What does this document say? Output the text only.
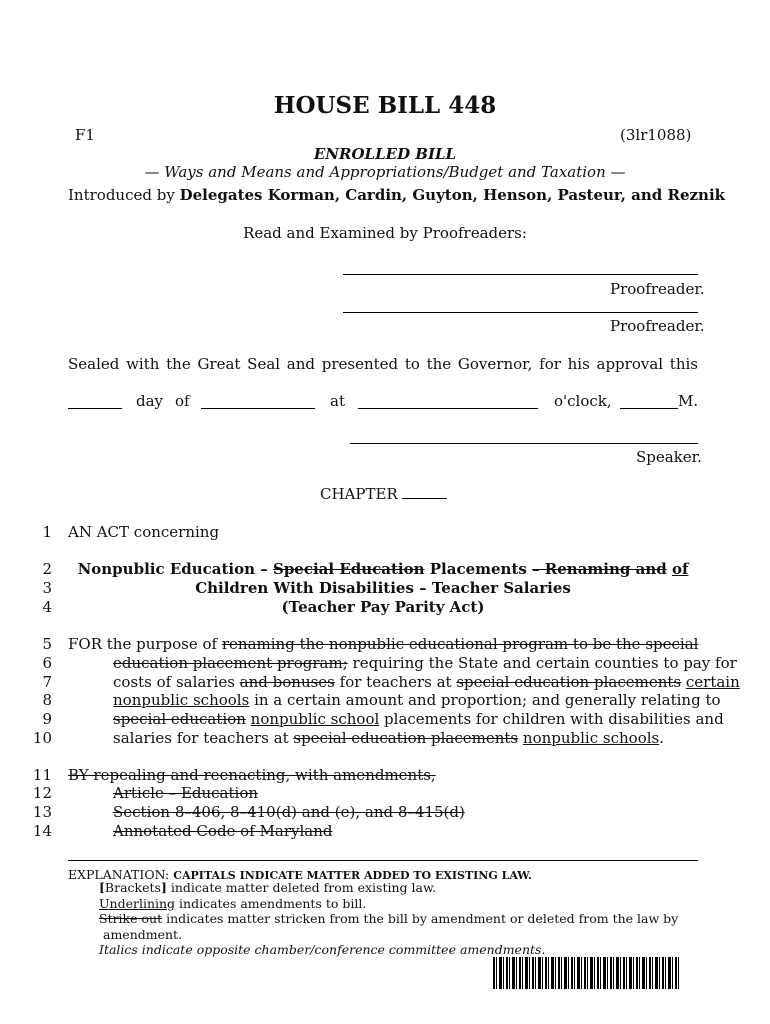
HOUSE BILL 448
F1	(3lr1088)
ENROLLED BILL
— Ways and Means and Appropriations/Budget and Taxation —
Introduced by Delegates Korman, Cardin, Guyton, Henson, Pasteur, and Reznik
Read and Examined by Proofreaders:
Proofreader.
Proofreader.
Sealed with the Great Seal and presented to the Governor, for his approval this
day of	at	o'clock,	M.
Speaker.
CHAPTER
1
2
3
4
5
6
7
8
9
10
11
12
13
14
AN ACT concerning
Nonpublic Education – Special Education Placements – Renaming and of
Children With Disabilities – Teacher Salaries
(Teacher Pay Parity Act)
FOR the purpose of renaming the nonpublic educational program to be the special
education placement program; requiring the State and certain counties to pay for
costs of salaries and bonuses for teachers at special education placements certain
nonpublic schools in a certain amount and proportion; and generally relating to
special education nonpublic school placements for children with disabilities and
salaries for teachers at special education placements nonpublic schools.
BY repealing and reenacting, with amendments,
Article – Education
Section 8–406, 8–410(d) and (e), and 8–415(d)
Annotated Code of Maryland
EXPLANATION: CAPITALS INDICATE MATTER ADDED TO EXISTING LAW.
[Brackets] indicate matter deleted from existing law.
Underlining indicates amendments to bill.
Strike out indicates matter stricken from the bill by amendment or deleted from the law by
amendment.
Italics indicate opposite chamber/conference committee amendments.
